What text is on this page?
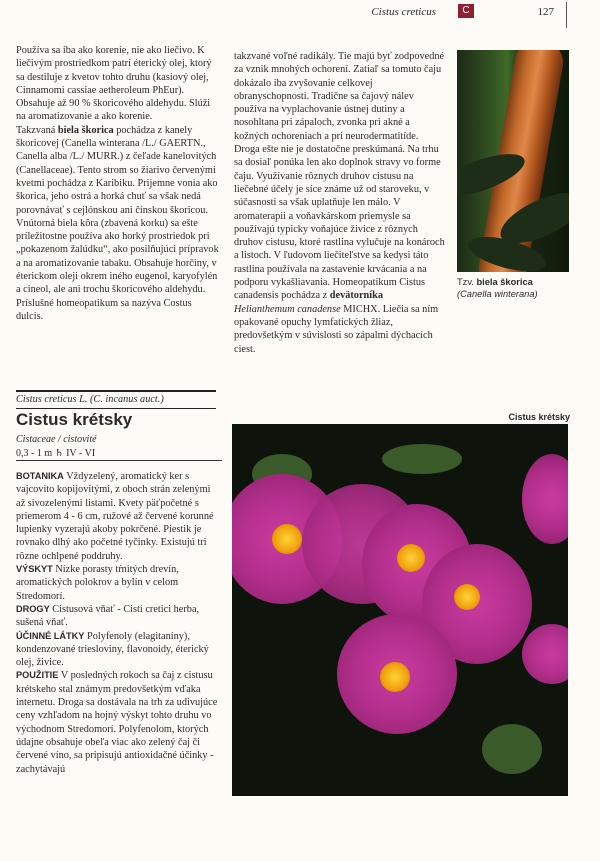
Cistus creticus	C	127

Používa sa iba ako korenie, nie ako liečivo. K liečivým prostriedkom patrí éterický olej, ktorý sa destiluje z kvetov tohto druhu (kasiový olej, Cinnamomi cassiae aetheroleum PhEur). Obsahuje až 90 % škoricového aldehydu. Slúži na aromatizovanie a ako korenie.

Takzvaná biela škorica pochádza z kanely škoricovej (Canella winterana /L./ GAERTN., Canella alba /L./ MURR.) z čeľade kanelovitých (Canellaceae). Tento strom so žiarivo červenými kvetmi pochádza z Karibiku. Prijemne vonia ako škorica, jeho ostrá a horká chuť sa však nedá porovnávať s cejlónskou ani čínskou škoricou. Vnútorná biela kôra (zbavená korku) sa ešte príležitostne používa ako horký prostriedok pri „pokazenom žalúdku“, ako posilňujúci prípravok a na aromatizovanie tabaku. Obsahuje horčiny, v éterickom oleji okrem iného eugenol, karyofylén a cineol, ale ani trochu škoricového aldehydu. Príslušné homeopatikum sa nazýva Costus dulcis.

takzvané voľné radikály. Tie majú byť zodpovedné za vznik mnohých ochorení. Zatiaľ sa tomuto čaju dokázalo iba zvyšovanie celkovej obranyschopnosti. Tradične sa čajový nálev používa na vyplachovanie ústnej dutiny a nosohltana pri zápaloch, zvonka pri akné a kožných ochoreniach a pri neurodermatitíde. Droga ešte nie je dostatočne preskúmaná. Na trhu sa dosiaľ ponúka len ako doplnok stravy vo forme čaju. Využívanie rôznych druhov cistusu na liečebné účely je síce známe už od staroveku, v súčasnosti sa však uplatňuje len málo. V aromaterapii a voňavkárskom priemysle sa používajú typicky voňajúce živice z rôznych druhov cistusu, ktoré rastlina vylučuje na konároch a listoch. V ľudovom liečiteľstve sa kedysi táto rastlina používala na zastavenie krvácania a na podporu vykašliavania. Homeopatikum Cistus canadensis pochádza z devätorníka Helianthemum canadense MICHX. Liečia sa ním opakované opuchy lymfatických žliaz, predovšetkým v súvislosti so zápalmi dýchacích ciest.

Tzv. biela škorica
(Canella winterana)
Cistus creticus L. (C. incanus auct.)
Cistus krétsky
Cistaceae / cistovité
0,3 - 1 m ♄ IV - VI

BOTANIKA Vždyzelený, aromatický ker s vajcovito kopijovitými, z oboch strán zelenými až sivozelenými listami. Kvety päťpočetné s priemerom 4 - 6 cm, ružové až červené korunné lupienky vyzerajú akoby pokrčené. Piestik je rovnako dlhý ako početné tyčinky. Existujú tri rôzne ochlpené poddruhy.

VÝSKYT Nízke porasty tŕnitých drevín, aromatických polokrov a bylín v celom Stredomorí.

DROGY Cistusová vňať - Cisti cretici herba, sušená vňať.

ÚČINNÉ LÁTKY Polyfenoly (elagitaníny), kondenzované triesloviny, flavonoidy, éterický olej, živice.

POUŽITIE V posledných rokoch sa čaj z cistusu krétskeho stal známym predovšetkým vďaka internetu. Droga sa dostávala na trh za udivujúce ceny vzhľadom na hojný výskyt tohto druhu vo východnom Stredomorí. Polyfenolom, ktorých údajne obsahuje obeľa viac ako zelený čaj či červené víno, sa pripisujú antioxidačné účinky - zachytávajú

Cistus krétsky
